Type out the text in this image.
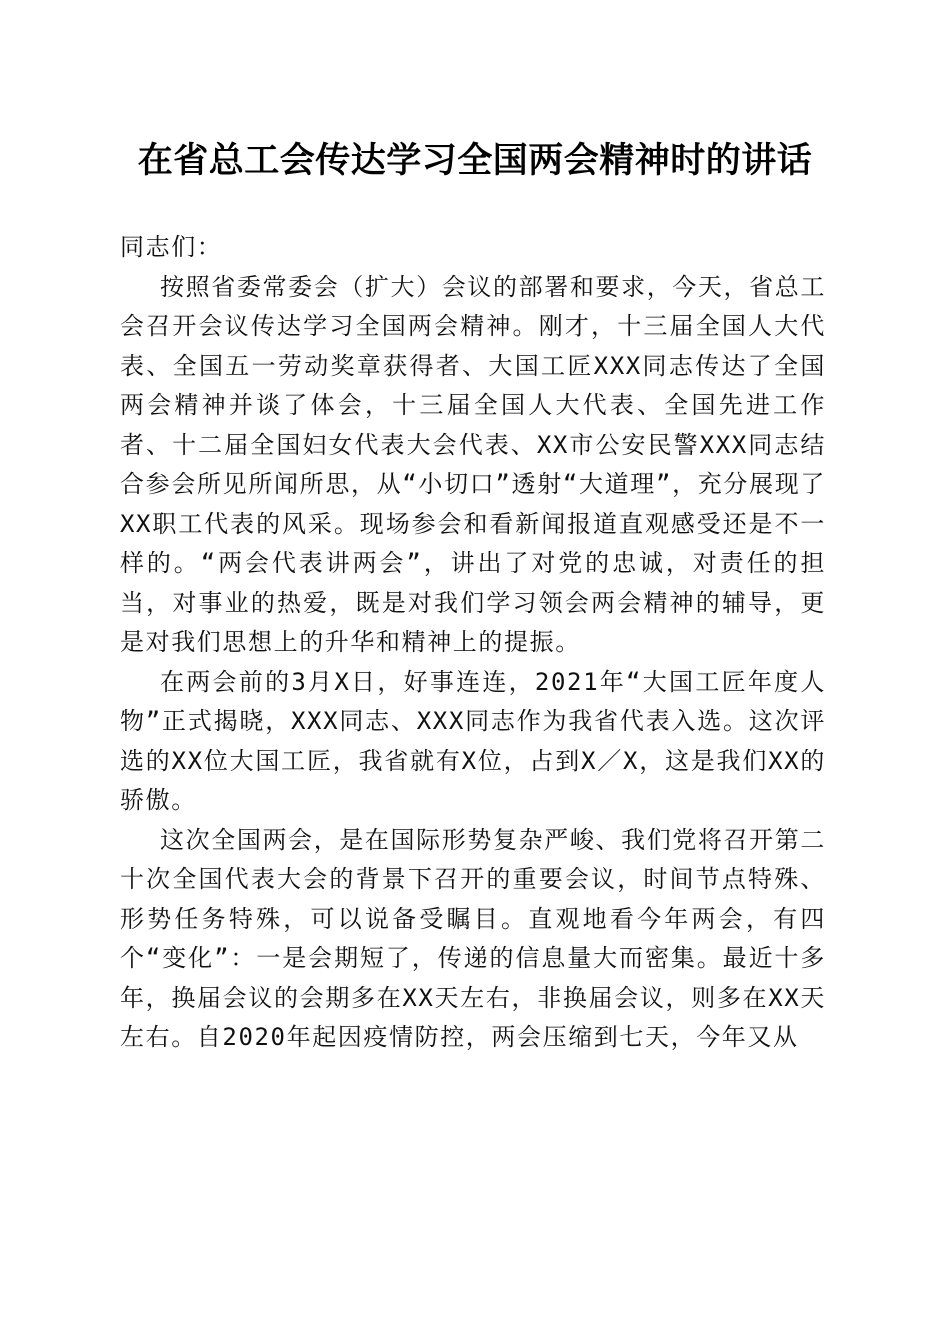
在省总工会传达学习全国两会精神时的讲话

同志们：

按照省委常委会（扩大）会议的部署和要求，今天，省总工会召开会议传达学习全国两会精神。刚才，十三届全国人大代表、全国五一劳动奖章获得者、大国工匠XXX同志传达了全国两会精神并谈了体会，十三届全国人大代表、全国先进工作者、十二届全国妇女代表大会代表、XX市公安民警XXX同志结合参会所见所闻所思，从“小切口”透射“大道理”，充分展现了XX职工代表的风采。现场参会和看新闻报道直观感受还是不一样的。“两会代表讲两会”，讲出了对党的忠诚，对责任的担当，对事业的热爱，既是对我们学习领会两会精神的辅导，更是对我们思想上的升华和精神上的提振。

在两会前的3月X日，好事连连，2021年“大国工匠年度人物”正式揭晓，XXX同志、XXX同志作为我省代表入选。这次评选的XX位大国工匠，我省就有X位，占到X／X，这是我们XX的骄傲。

这次全国两会，是在国际形势复杂严峻、我们党将召开第二十次全国代表大会的背景下召开的重要会议，时间节点特殊、形势任务特殊，可以说备受瞩目。直观地看今年两会，有四个“变化”：一是会期短了，传递的信息量大而密集。最近十多年，换届会议的会期多在XX天左右，非换届会议，则多在XX天左右。自2020年起因疫情防控，两会压缩到七天，今年又从
